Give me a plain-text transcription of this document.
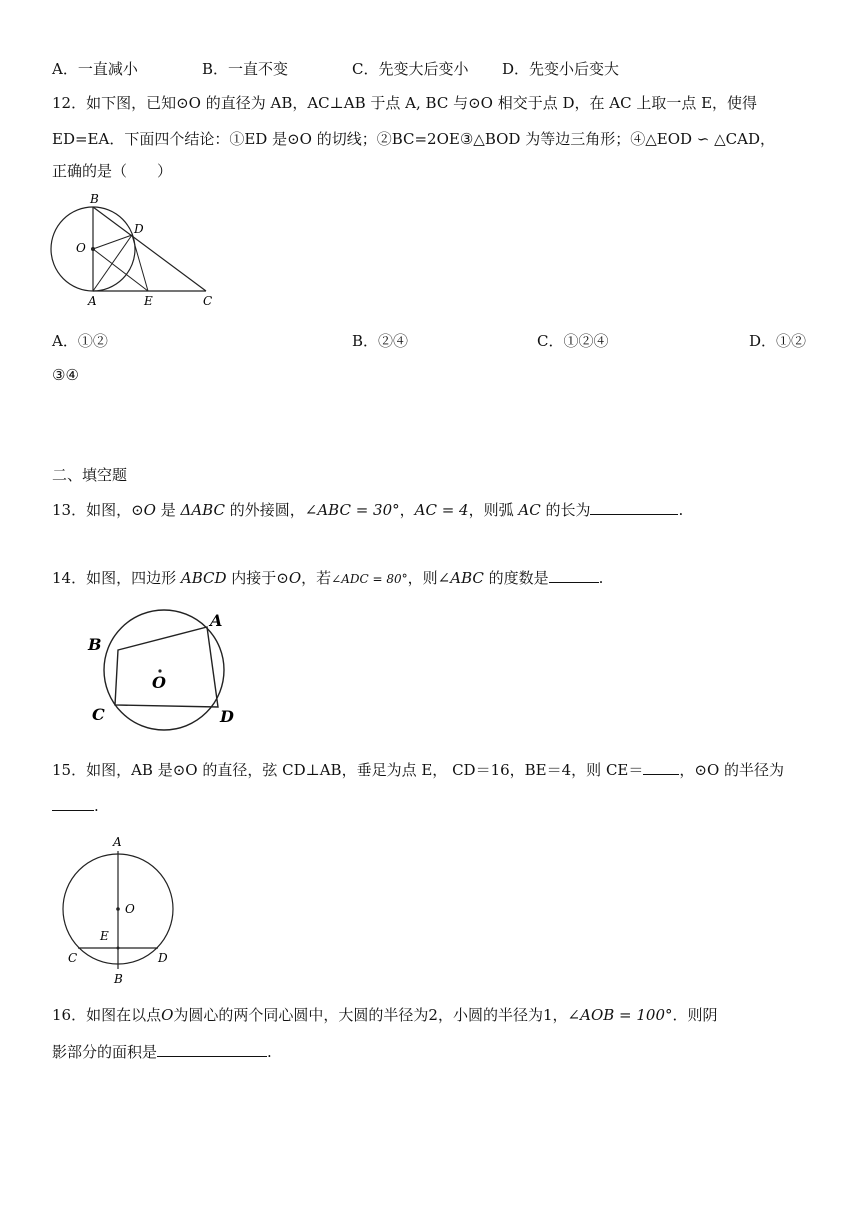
A．一直减小	B．一直不变	C．先变大后变小 D．先变小后变大
12．如下图，已知⊙O 的直径为 AB，AC⊥AB 于点 A, BC 与⊙O 相交于点 D，在 AC 上取一点 E，使得
ED=EA．下面四个结论：①ED 是⊙O 的切线；②BC=2OE③△BOD 为等边三角形；④△EOD ∽ △CAD，
正确的是（　　）
B
O
D
A	E	C
A．①②	B．②④	C．①②④	D．①②
③④
二、填空题
13．如图，⊙O 是 ΔABC 的外接圆，∠ABC = 30°，AC = 4，则弧 AC 的长为	.
14．如图，四边形 ABCD 内接于⊙O，若∠ADC = 80°，则∠ABC 的度数是	.
A
B
O
C	D
15．如图，AB 是⊙O 的直径，弦 CD⊥AB，垂足为点 E， CD＝16，BE＝4，则 CE＝ ，⊙O 的半径为
.
A
O
E
C
B
D
16．如图在以点O为圆心的两个同心圆中，大圆的半径为2，小圆的半径为1，∠AOB = 100°．则阴
影部分的面积是	.
